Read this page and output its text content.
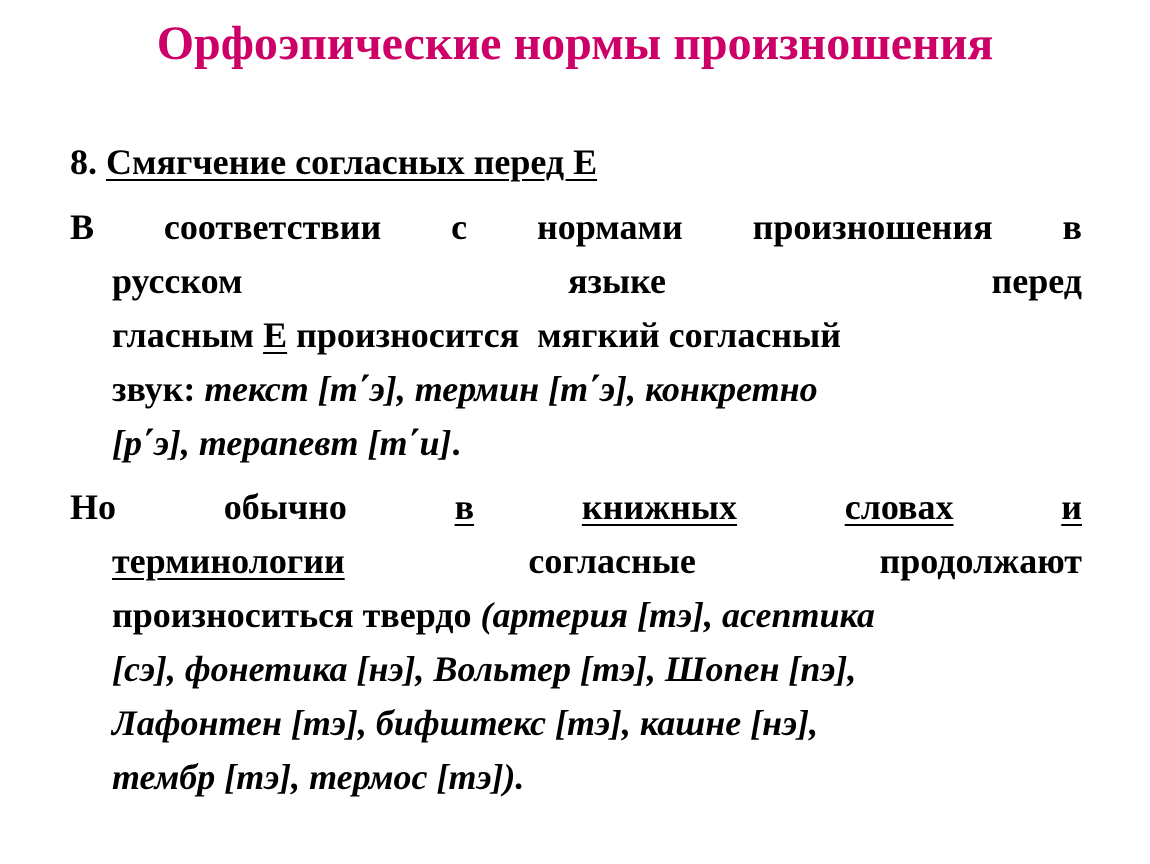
Орфоэпические нормы произношения
8. Смягчение согласных перед Е
В соответствии с нормами произношения в
русском	языке	перед
гласным Е произносится  мягкий согласный
звук: текст [т΄э], термин [т΄э], конкретно
[р΄э], терапевт [т΄и].
Но	обычно	в	книжных	словах	и
терминологии	согласные	продолжают
произноситься твердо (артерия [тэ], асептика
[сэ], фонетика [нэ], Вольтер [тэ], Шопен [пэ],
Лафонтен [тэ], бифштекс [тэ], кашне [нэ],
тембр [тэ], термос [тэ]).
